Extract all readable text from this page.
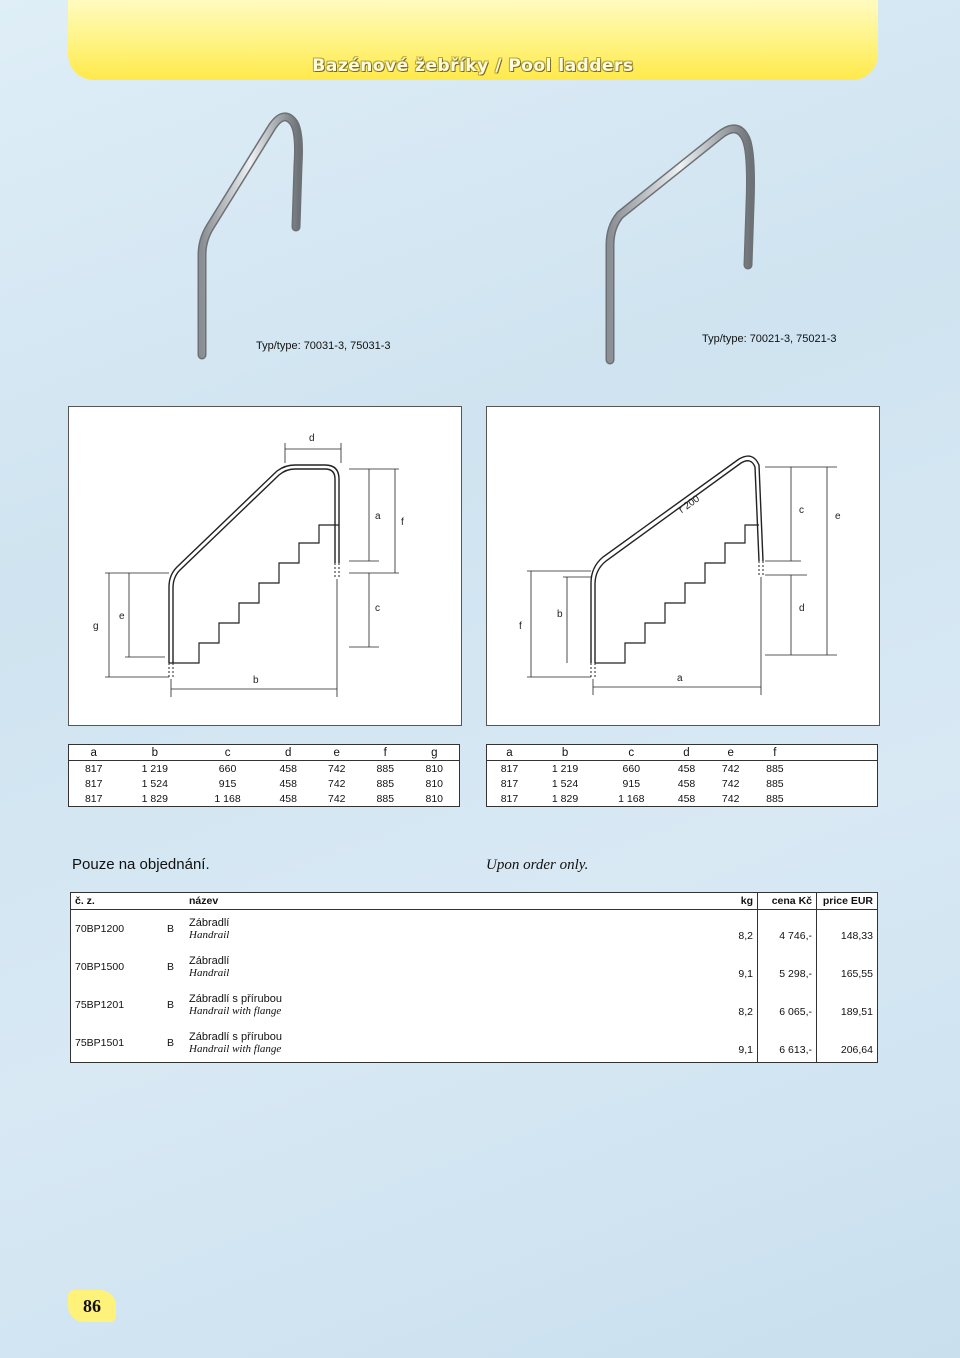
Bazénové žebříky / Pool ladders
Typ/type: 70031-3, 75031-3
Typ/type: 70021-3, 75021-3
d
a
f
c
g
e
b
r 200	c
e
d
f
b
a
a	b	c	d	e	f	g
817	1 219	660	458	742	885	810
817	1 524	915	458	742	885	810
817	1 829	1 168	458	742	885	810
a	b	c	d	e	f	
817	1 219	660	458	742	885	
817	1 524	915	458	742	885	
817	1 829	1 168	458	742	885	
Pouze na objednání.	Upon order only.
č. z.		název	kg	cena Kč	price EUR
70BP1200	B	Zábradlí
Handrail	8,2	4 746,-	148,33
70BP1500	B	Zábradlí
Handrail	9,1	5 298,-	165,55
75BP1201	B	Zábradlí s přírubou
Handrail with flange	8,2	6 065,-	189,51
75BP1501	B	Zábradlí s přírubou
Handrail with flange	9,1	6 613,-	206,64
86
